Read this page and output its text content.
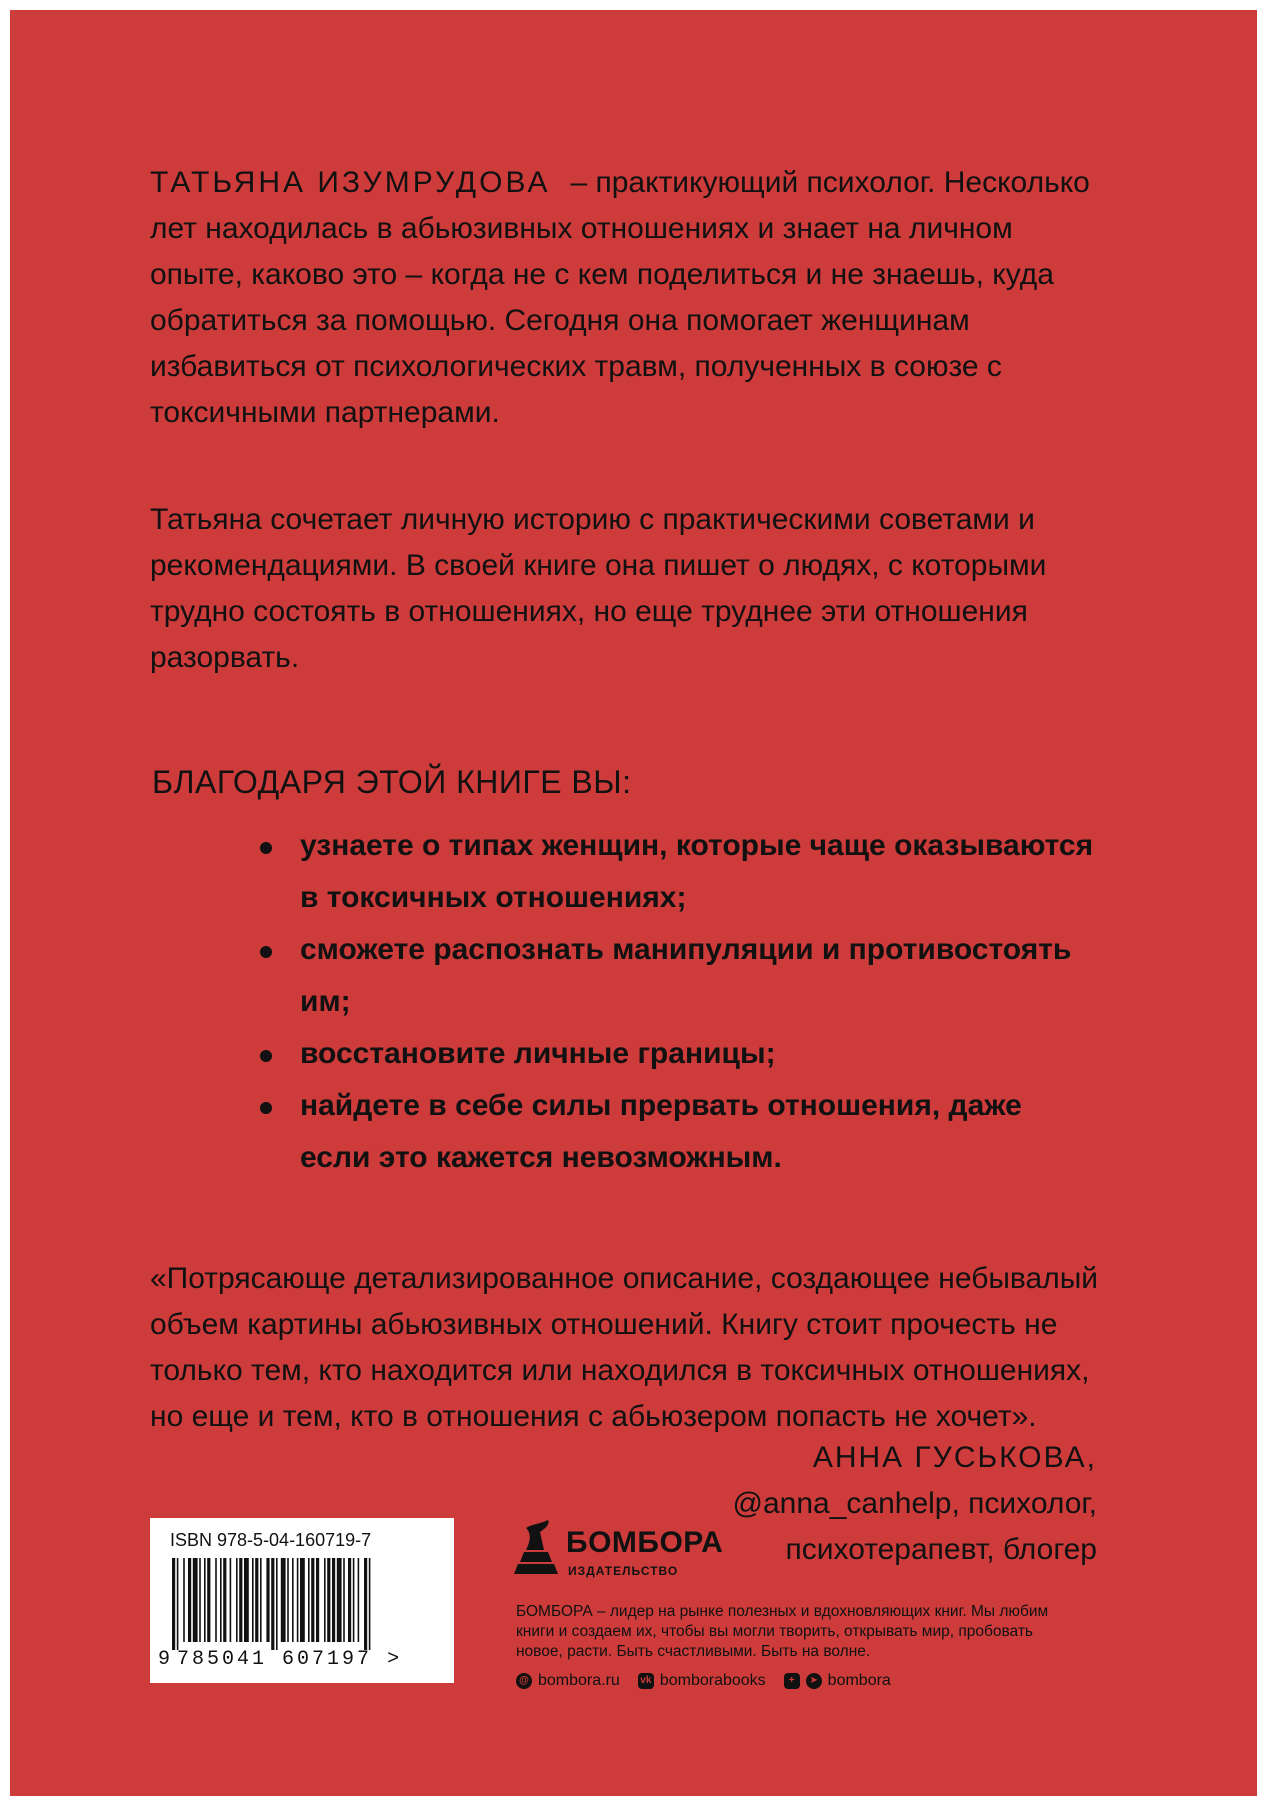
ТАТЬЯНА ИЗУМРУДОВА – практикующий психолог. Несколько лет находилась в абьюзивных отношениях и знает на личном опыте, каково это – когда не с кем поделиться и не знаешь, куда обратиться за помощью. Сегодня она помогает женщинам избавиться от психологических травм, полученных в союзе с токсичными партнерами.

Татьяна сочетает личную историю с практическими советами и рекомендациями. В своей книге она пишет о людях, с которыми трудно состоять в отношениях, но еще труднее эти отношения разорвать.

БЛАГОДАРЯ ЭТОЙ КНИГЕ ВЫ:
узнаете о типах женщин, которые чаще оказываются в токсичных отношениях;
сможете распознать манипуляции и противостоять им;
восстановите личные границы;
найдете в себе силы прервать отношения, даже если это кажется невозможным.

«Потрясающе детализированное описание, создающее небывалый объем картины абьюзивных отношений. Книгу стоит прочесть не только тем, кто находится или находился в токсичных отношениях, но еще и тем, кто в отношения с абьюзером попасть не хочет».

АННА ГУСЬКОВА,
@anna_canhelp, психолог,
психотерапевт, блогер
ISBN 978-5-04-160719-7
9 785041 607197 >
БОМБОРА
ИЗДАТЕЛЬСТВО
БОМБОРА – лидер на рынке полезных и вдохновляющих книг. Мы любим книги и создаем их, чтобы вы могли творить, открывать мир, пробовать новое, расти. Быть счастливыми. Быть на волне.
@ bombora.ru vk bomborabooks	+	➤ bombora
